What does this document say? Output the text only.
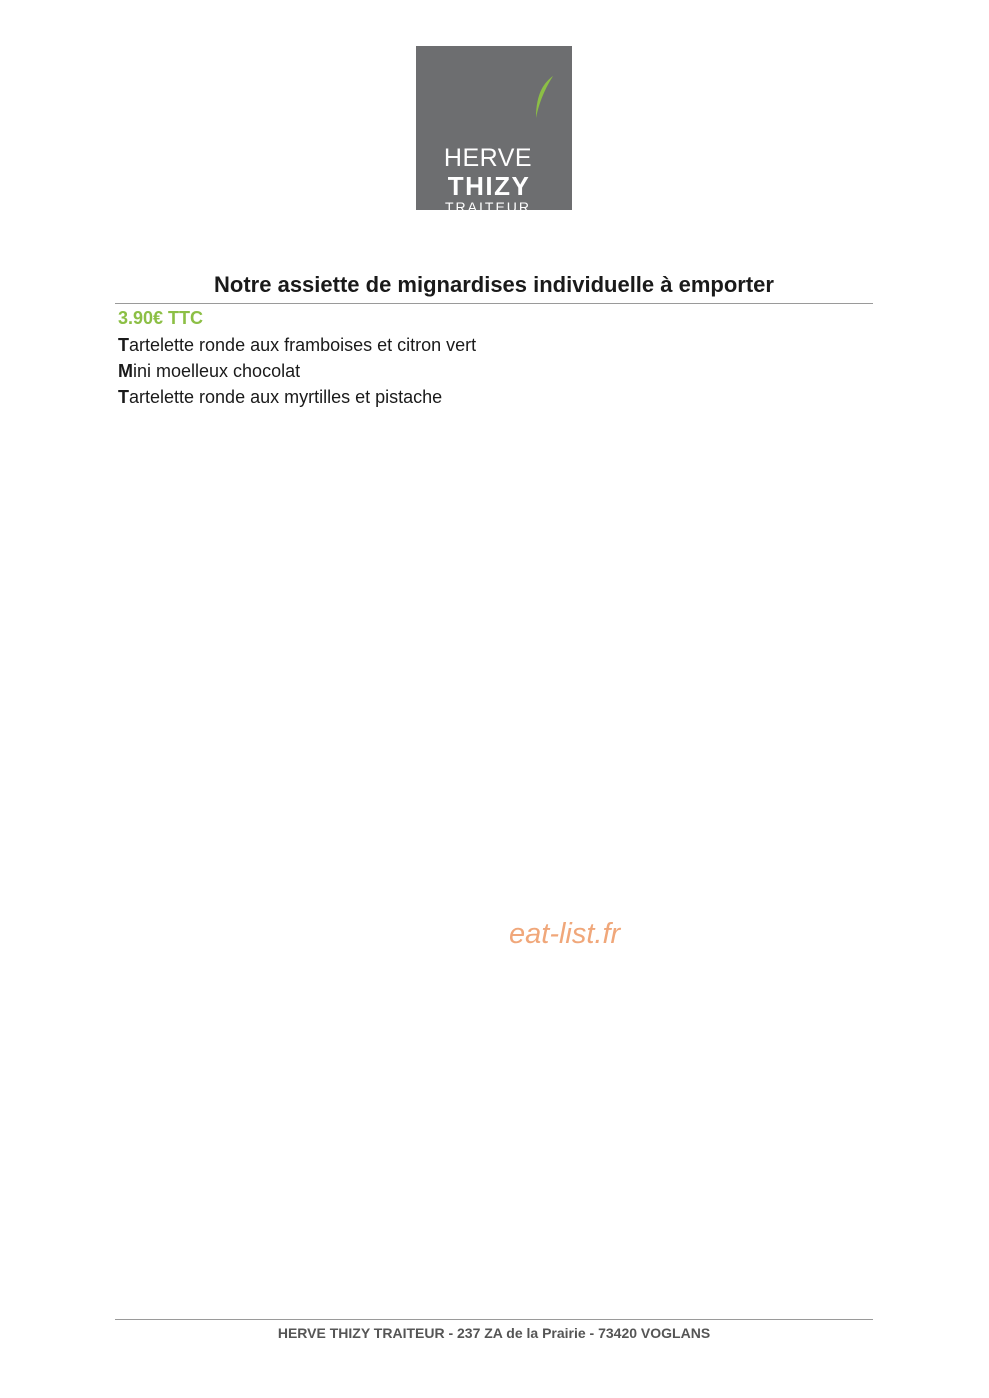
HERVE
THIZY
TRAITEUR
Notre assiette de mignardises individuelle à emporter
3.90€ TTC
Tartelette ronde aux framboises et citron vert
Mini moelleux chocolat
Tartelette ronde aux myrtilles et pistache
eat-list.fr
HERVE THIZY TRAITEUR - 237 ZA de la Prairie - 73420 VOGLANS
